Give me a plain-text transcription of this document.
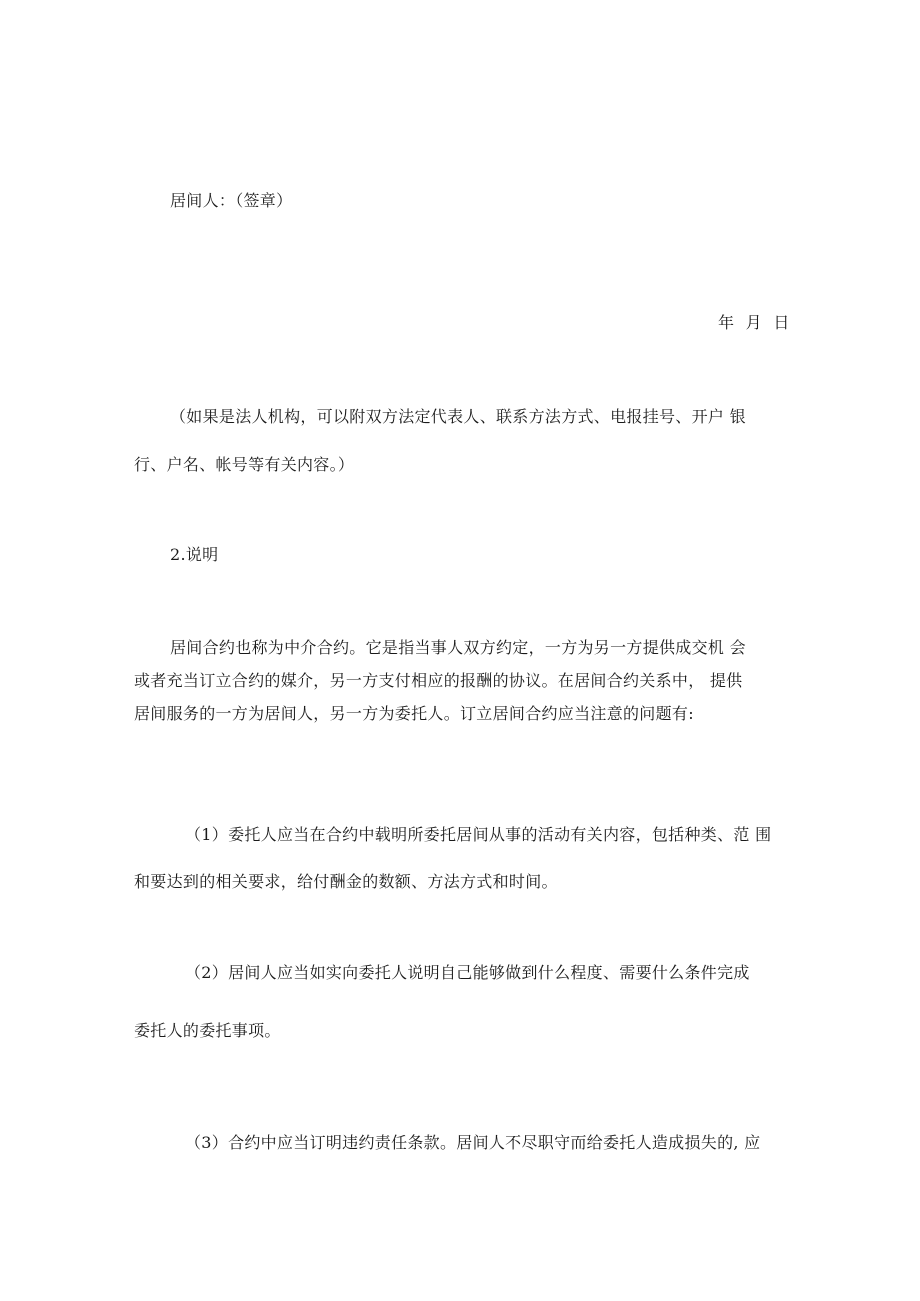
居间人：（签章）
年 月 日
（如果是法人机构，可以附双方法定代表人、联系方法方式、电报挂号、开户 银
行、户名、帐号等有关内容。）
2.说明
居间合约也称为中介合约。它是指当事人双方约定，一方为另一方提供成交机 会
或者充当订立合约的媒介，另一方支付相应的报酬的协议。在居间合约关系中， 提供
居间服务的一方为居间人，另一方为委托人。订立居间合约应当注意的问题有:
（1）委托人应当在合约中载明所委托居间从事的活动有关内容，包括种类、范 围
和要达到的相关要求，给付酬金的数额、方法方式和时间。
（2）居间人应当如实向委托人说明自己能够做到什么程度、需要什么条件完成
委托人的委托事项。
（3）合约中应当订明违约责任条款。居间人不尽职守而给委托人造成损失的, 应
